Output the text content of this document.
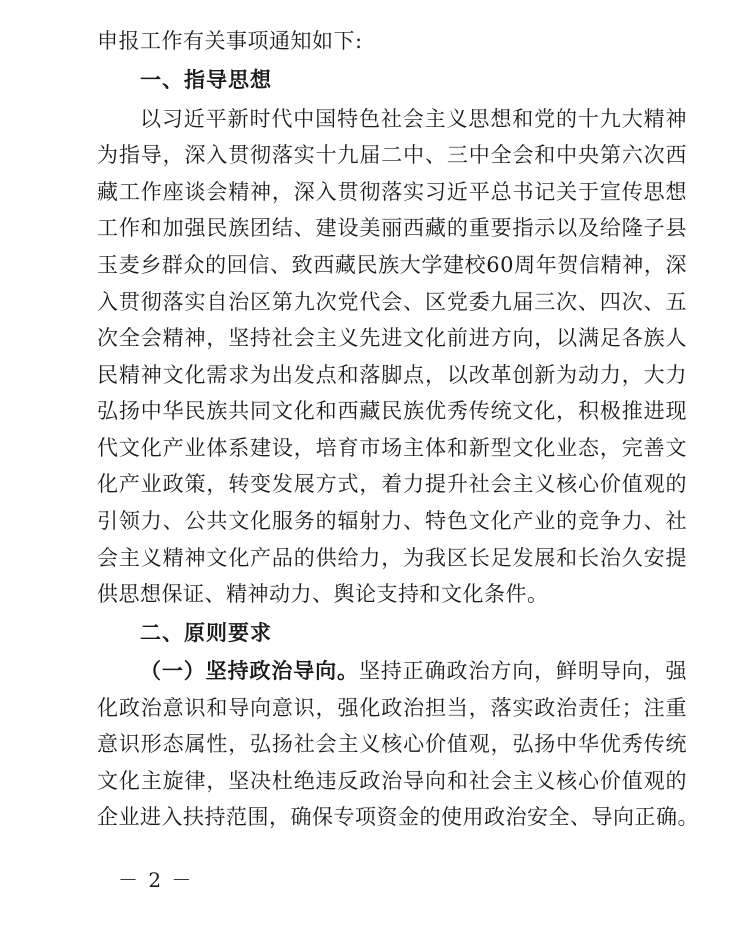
申报工作有关事项通知如下:
一、指导思想
以习近平新时代中国特色社会主义思想和党的十九大精神
为指导，深入贯彻落实十九届二中、三中全会和中央第六次西
藏工作座谈会精神，深入贯彻落实习近平总书记关于宣传思想
工作和加强民族团结、建设美丽西藏的重要指示以及给隆子县
玉麦乡群众的回信、致西藏民族大学建校60周年贺信精神，深
入贯彻落实自治区第九次党代会、区党委九届三次、四次、五
次全会精神，坚持社会主义先进文化前进方向，以满足各族人
民精神文化需求为出发点和落脚点，以改革创新为动力，大力
弘扬中华民族共同文化和西藏民族优秀传统文化，积极推进现
代文化产业体系建设，培育市场主体和新型文化业态，完善文
化产业政策，转变发展方式，着力提升社会主义核心价值观的
引领力、公共文化服务的辐射力、特色文化产业的竞争力、社
会主义精神文化产品的供给力，为我区长足发展和长治久安提
供思想保证、精神动力、舆论支持和文化条件。
二、原则要求
（一）坚持政治导向。坚持正确政治方向，鲜明导向，强
化政治意识和导向意识，强化政治担当，落实政治责任；注重
意识形态属性，弘扬社会主义核心价值观，弘扬中华优秀传统
文化主旋律，坚决杜绝违反政治导向和社会主义核心价值观的
企业进入扶持范围，确保专项资金的使用政治安全、导向正确。
－ 2 －
